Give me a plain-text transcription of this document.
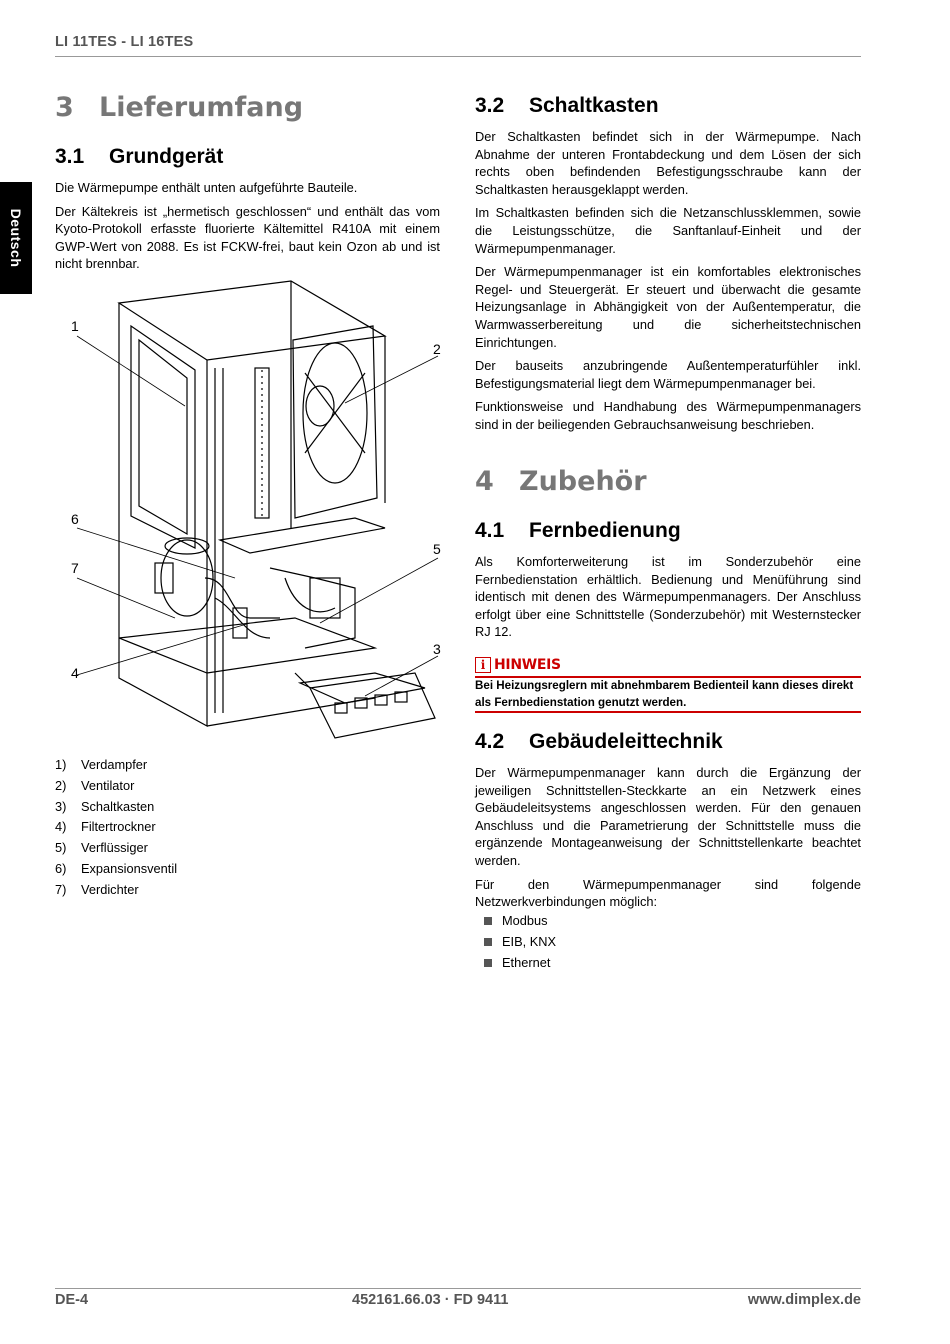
LI 11TES - LI 16TES
Deutsch
3 Lieferumfang
3.1 Grundgerät

Die Wärmepumpe enthält unten aufgeführte Bauteile.

Der Kältekreis ist „hermetisch geschlossen“ und enthält das vom Kyoto-Protokoll erfasste fluorierte Kältemittel R410A mit einem GWP-Wert von 2088. Es ist FCKW-frei, baut kein Ozon ab und ist nicht brennbar.

1
2
3
4
5
6
7
1)	Verdampfer
2)	Ventilator
3)	Schaltkasten
4)	Filtertrockner
5)	Verflüssiger
6)	Expansionsventil
7)	Verdichter
3.2 Schaltkasten

Der Schaltkasten befindet sich in der Wärmepumpe. Nach Abnahme der unteren Frontabdeckung und dem Lösen der sich rechts oben befindenden Befestigungsschraube kann der Schaltkasten herausgeklappt werden.

Im Schaltkasten befinden sich die Netzanschlussklemmen, sowie die Leistungsschütze, die Sanftanlauf-Einheit und der Wärmepumpenmanager.

Der Wärmepumpenmanager ist ein komfortables elektronisches Regel- und Steuergerät. Er steuert und überwacht die gesamte Heizungsanlage in Abhängigkeit von der Außentemperatur, die Warmwasserbereitung und die sicherheitstechnischen Einrichtungen.

Der bauseits anzubringende Außentemperaturfühler inkl. Befestigungsmaterial liegt dem Wärmepumpenmanager bei.

Funktionsweise und Handhabung des Wärmepumpenmanagers sind in der beiliegenden Gebrauchsanweisung beschrieben.

4 Zubehör
4.1 Fernbedienung

Als Komforterweiterung ist im Sonderzubehör eine Fernbedienstation erhältlich. Bedienung und Menüführung sind identisch mit denen des Wärmepumpenmanagers. Der Anschluss erfolgt über eine Schnittstelle (Sonderzubehör) mit Westernstecker RJ 12.

i HINWEIS
Bei Heizungsreglern mit abnehmbarem Bedienteil kann dieses direkt als Fernbedienstation genutzt werden.
4.2 Gebäudeleittechnik

Der Wärmepumpenmanager kann durch die Ergänzung der jeweiligen Schnittstellen-Steckkarte an ein Netzwerk eines Gebäudeleitsystems angeschlossen werden. Für den genauen Anschluss und die Parametrierung der Schnittstelle muss die ergänzende Montageanweisung der Schnittstellenkarte beachtet werden.

Für den Wärmepumpenmanager sind folgende Netzwerkverbindungen möglich:

Modbus
EIB, KNX
Ethernet
DE-4	452161.66.03 · FD 9411	www.dimplex.de
